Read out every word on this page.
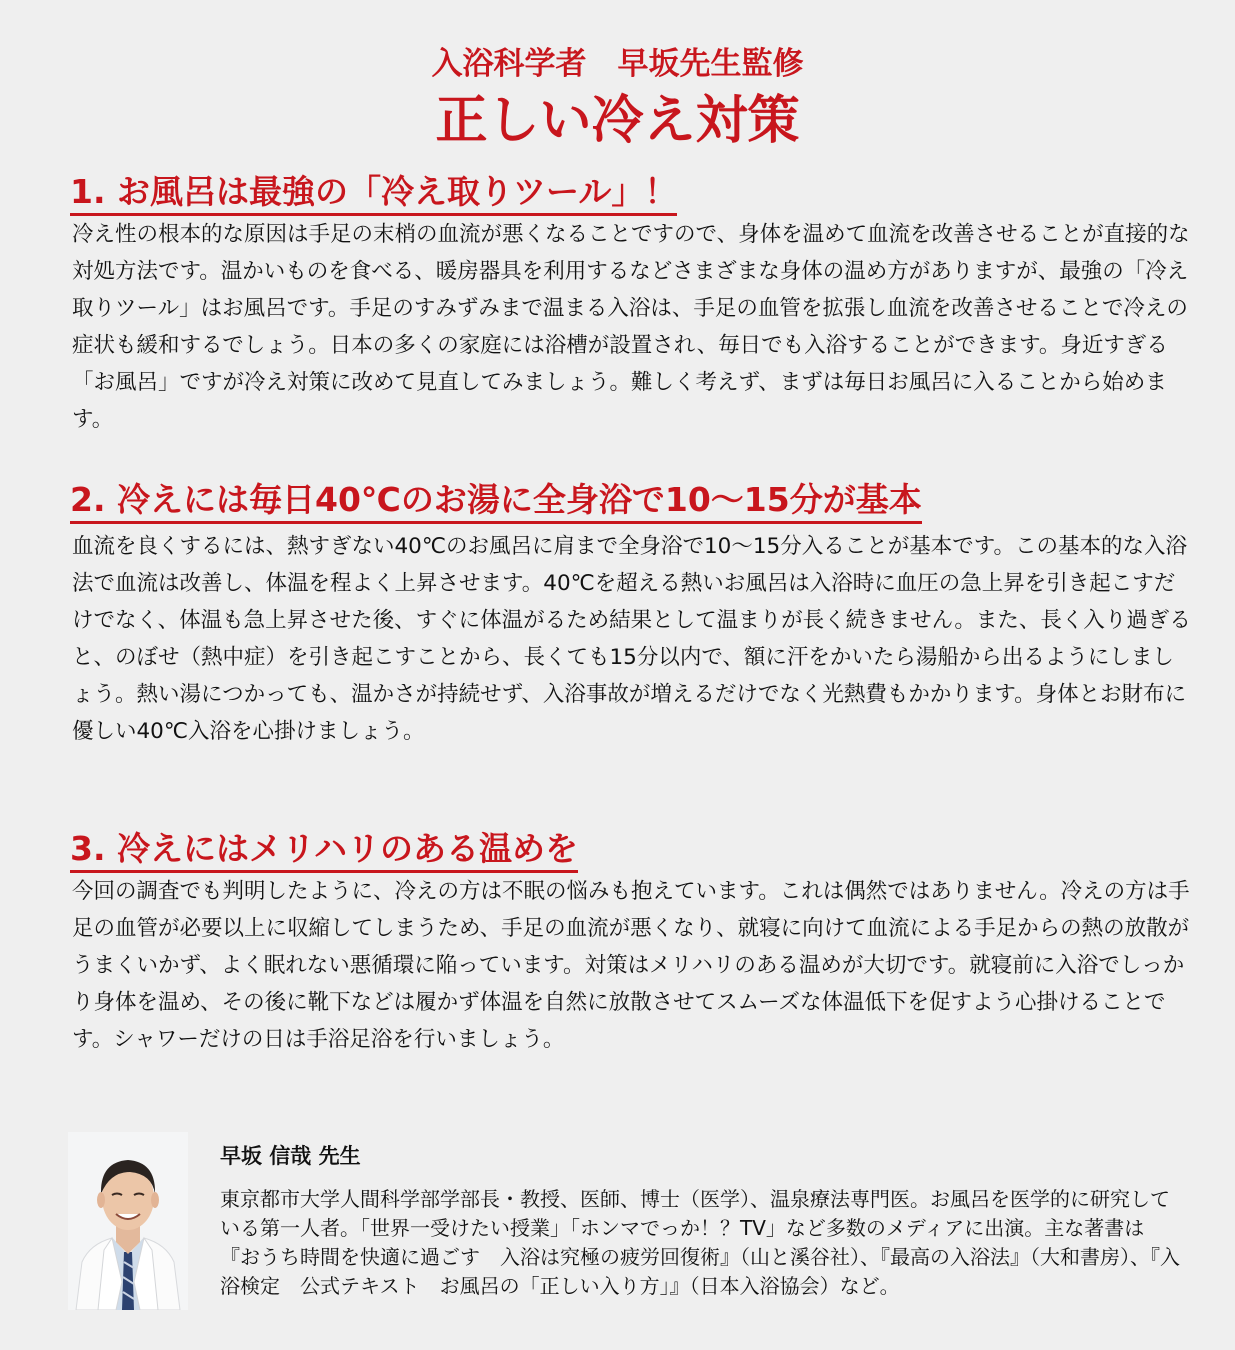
入浴科学者　早坂先生監修
正しい冷え対策
1. お風呂は最強の「冷え取りツール」！
冷え性の根本的な原因は手足の末梢の血流が悪くなることですので、身体を温めて血流を改善させることが直接的な対処方法です。温かいものを食べる、暖房器具を利用するなどさまざまな身体の温め方がありますが、最強の「冷え取りツール」はお風呂です。手足のすみずみまで温まる入浴は、手足の血管を拡張し血流を改善させることで冷えの症状も緩和するでしょう。日本の多くの家庭には浴槽が設置され、毎日でも入浴することができます。身近すぎる「お風呂」ですが冷え対策に改めて見直してみましょう。難しく考えず、まずは毎日お風呂に入ることから始めます。
2. 冷えには毎日40℃のお湯に全身浴で10～15分が基本
血流を良くするには、熱すぎない40℃のお風呂に肩まで全身浴で10～15分入ることが基本です。この基本的な入浴法で血流は改善し、体温を程よく上昇させます。40℃を超える熱いお風呂は入浴時に血圧の急上昇を引き起こすだけでなく、体温も急上昇させた後、すぐに体温がるため結果として温まりが長く続きません。また、長く入り過ぎると、のぼせ（熱中症）を引き起こすことから、長くても15分以内で、額に汗をかいたら湯船から出るようにしましょう。熱い湯につかっても、温かさが持続せず、入浴事故が増えるだけでなく光熱費もかかります。身体とお財布に優しい40℃入浴を心掛けましょう。
3. 冷えにはメリハリのある温めを
今回の調査でも判明したように、冷えの方は不眠の悩みも抱えています。これは偶然ではありません。冷えの方は手足の血管が必要以上に収縮してしまうため、手足の血流が悪くなり、就寝に向けて血流による手足からの熱の放散がうまくいかず、よく眠れない悪循環に陥っています。対策はメリハリのある温めが大切です。就寝前に入浴でしっかり身体を温め、その後に靴下などは履かず体温を自然に放散させてスムーズな体温低下を促すよう心掛けることです。シャワーだけの日は手浴足浴を行いましょう。
早坂 信哉 先生
東京都市大学人間科学部学部長・教授、医師、博士（医学）、温泉療法専門医。お風呂を医学的に研究している第一人者。「世界一受けたい授業」「ホンマでっか！？TV」など多数のメディアに出演。主な著書は『おうち時間を快適に過ごす　入浴は究極の疲労回復術』（山と溪谷社）、『最高の入浴法』（大和書房）、『入浴検定　公式テキスト　お風呂の「正しい入り方」』（日本入浴協会）など。
